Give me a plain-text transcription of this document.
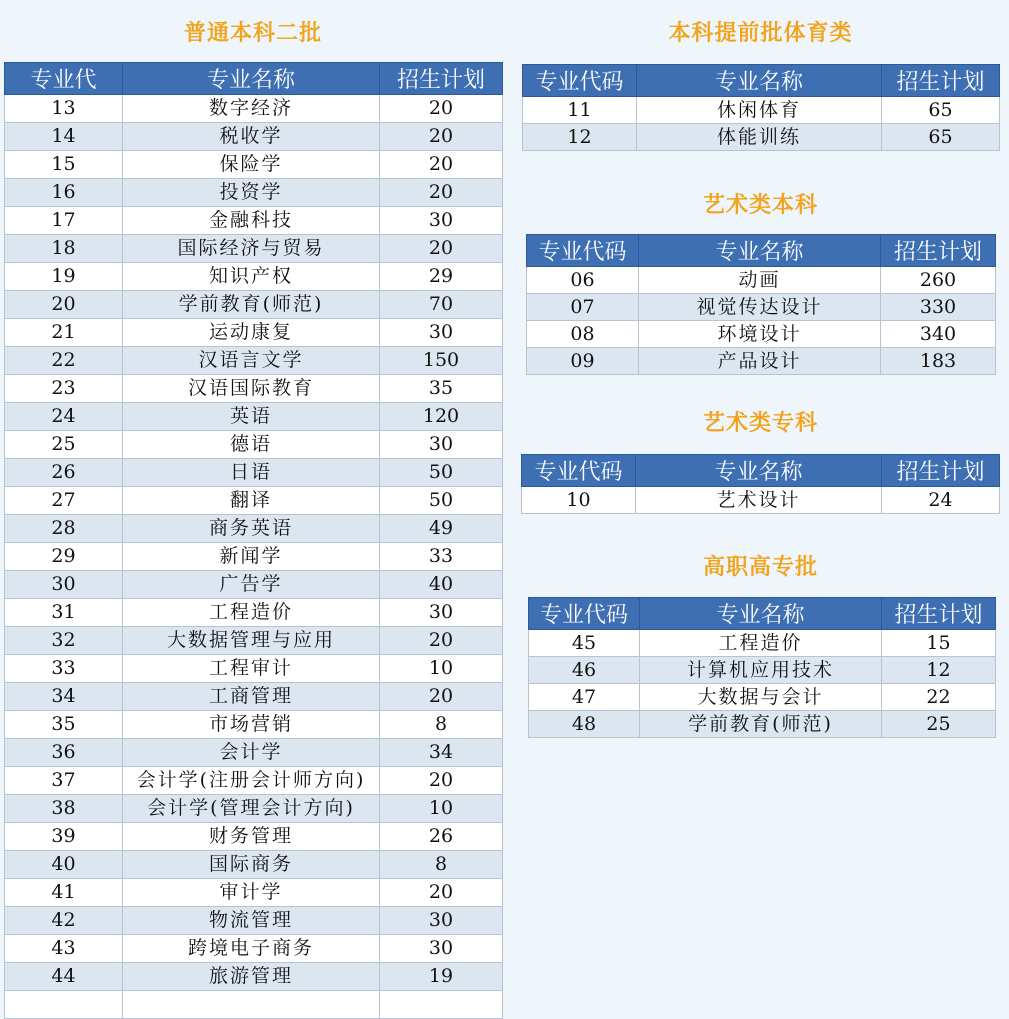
普通本科二批
专业代	专业名称	招生计划
13	数字经济	20
14	税收学	20
15	保险学	20
16	投资学	20
17	金融科技	30
18	国际经济与贸易	20
19	知识产权	29
20	学前教育(师范)	70
21	运动康复	30
22	汉语言文学	150
23	汉语国际教育	35
24	英语	120
25	德语	30
26	日语	50
27	翻译	50
28	商务英语	49
29	新闻学	33
30	广告学	40
31	工程造价	30
32	大数据管理与应用	20
33	工程审计	10
34	工商管理	20
35	市场营销	8
36	会计学	34
37	会计学(注册会计师方向)	20
38	会计学(管理会计方向)	10
39	财务管理	26
40	国际商务	8
41	审计学	20
42	物流管理	30
43	跨境电子商务	30
44	旅游管理	19

本科提前批体育类
专业代码	专业名称	招生计划
11	休闲体育	65
12	体能训练	65
艺术类本科
专业代码	专业名称	招生计划
06	动画	260
07	视觉传达设计	330
08	环境设计	340
09	产品设计	183
艺术类专科
专业代码	专业名称	招生计划
10	艺术设计	24
高职高专批
专业代码	专业名称	招生计划
45	工程造价	15
46	计算机应用技术	12
47	大数据与会计	22
48	学前教育(师范)	25
